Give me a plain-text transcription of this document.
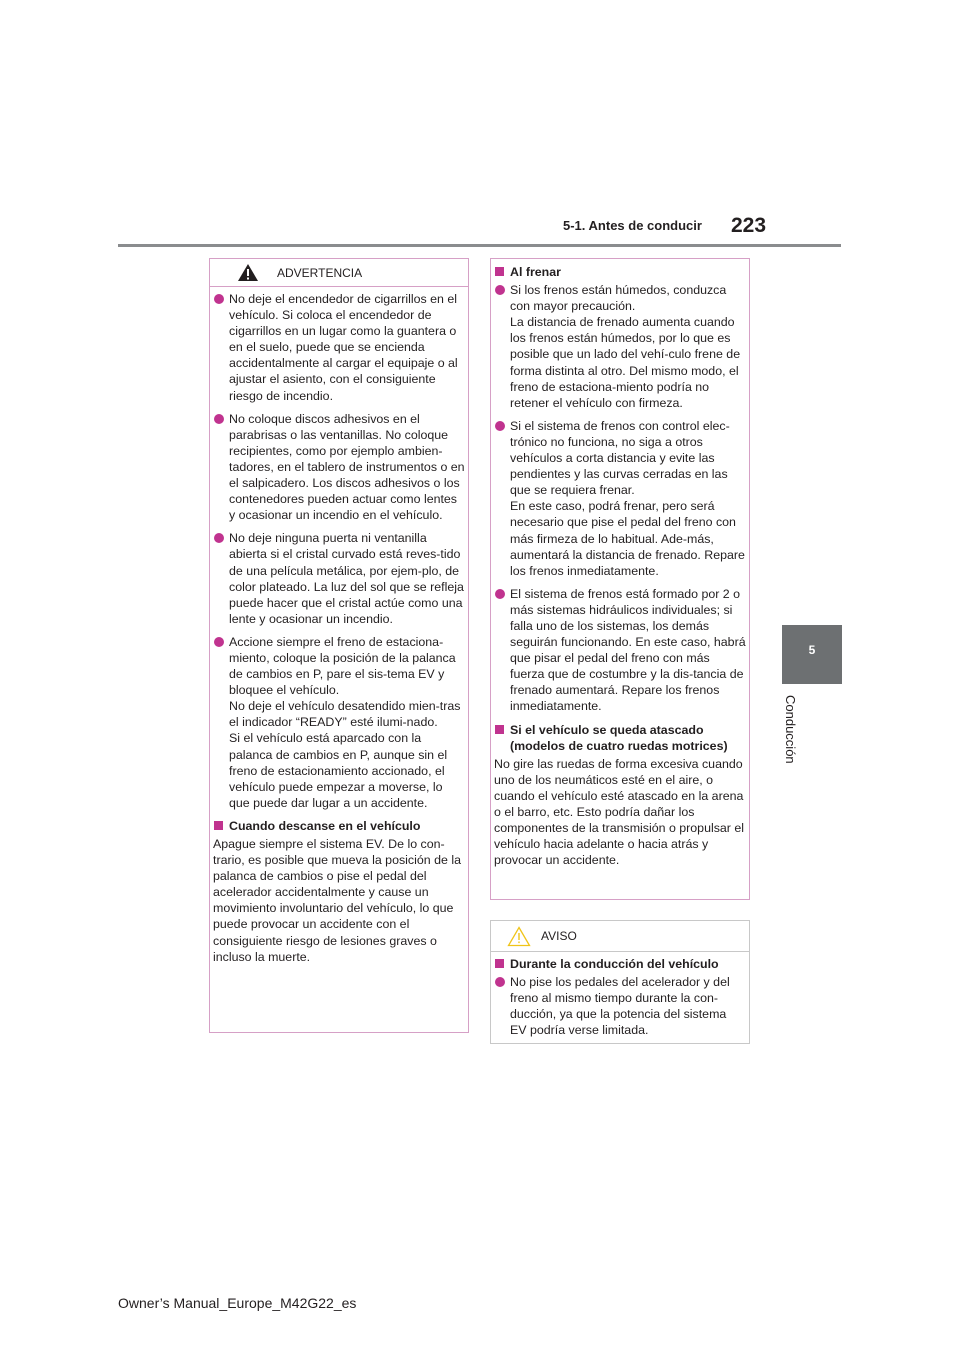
5-1. Antes de conducir 223
5
Conducción
ADVERTENCIA
No deje el encendedor de cigarrillos en el vehículo. Si coloca el encendedor de cigarrillos en un lugar como la guantera o en el suelo, puede que se encienda accidentalmente al cargar el equipaje o al ajustar el asiento, con el consiguiente riesgo de incendio.
No coloque discos adhesivos en el parabrisas o las ventanillas. No coloque recipientes, como por ejemplo ambien-tadores, en el tablero de instrumentos o en el salpicadero. Los discos adhesivos o los contenedores pueden actuar como lentes y ocasionar un incendio en el vehículo.
No deje ninguna puerta ni ventanilla abierta si el cristal curvado está reves-tido de una película metálica, por ejem-plo, de color plateado. La luz del sol que se refleja puede hacer que el cristal actúe como una lente y ocasionar un incendio.
Accione siempre el freno de estaciona-miento, coloque la posición de la palanca de cambios en P, pare el sis-tema EV y bloquee el vehículo.
No deje el vehículo desatendido mien-tras el indicador “READY” esté ilumi-nado.
Si el vehículo está aparcado con la palanca de cambios en P, aunque sin el freno de estacionamiento accionado, el vehículo puede empezar a moverse, lo que puede dar lugar a un accidente.
Cuando descanse en el vehículo
Apague siempre el sistema EV. De lo con-trario, es posible que mueva la posición de la palanca de cambios o pise el pedal del acelerador accidentalmente y cause un movimiento involuntario del vehículo, lo que puede provocar un accidente con el consiguiente riesgo de lesiones graves o incluso la muerte.
Al frenar
Si los frenos están húmedos, conduzca con mayor precaución.
La distancia de frenado aumenta cuando los frenos están húmedos, por lo que es posible que un lado del vehí-culo frene de forma distinta al otro. Del mismo modo, el freno de estaciona-miento podría no retener el vehículo con firmeza.
Si el sistema de frenos con control elec-trónico no funciona, no siga a otros vehículos a corta distancia y evite las pendientes y las curvas cerradas en las que se requiera frenar.
En este caso, podrá frenar, pero será necesario que pise el pedal del freno con más firmeza de lo habitual. Ade-más, aumentará la distancia de frenado. Repare los frenos inmediatamente.
El sistema de frenos está formado por 2 o más sistemas hidráulicos individuales; si falla uno de los sistemas, los demás seguirán funcionando. En este caso, habrá que pisar el pedal del freno con más fuerza que de costumbre y la dis-tancia de frenado aumentará. Repare los frenos inmediatamente.
Si el vehículo se queda atascado (modelos de cuatro ruedas motrices)
No gire las ruedas de forma excesiva cuando uno de los neumáticos esté en el aire, o cuando el vehículo esté atascado en la arena o el barro, etc. Esto podría dañar los componentes de la transmisión o propulsar el vehículo hacia adelante o hacia atrás y provocar un accidente.
AVISO
Durante la conducción del vehículo
No pise los pedales del acelerador y del freno al mismo tiempo durante la con-ducción, ya que la potencia del sistema EV podría verse limitada.
Owner’s Manual_Europe_M42G22_es
